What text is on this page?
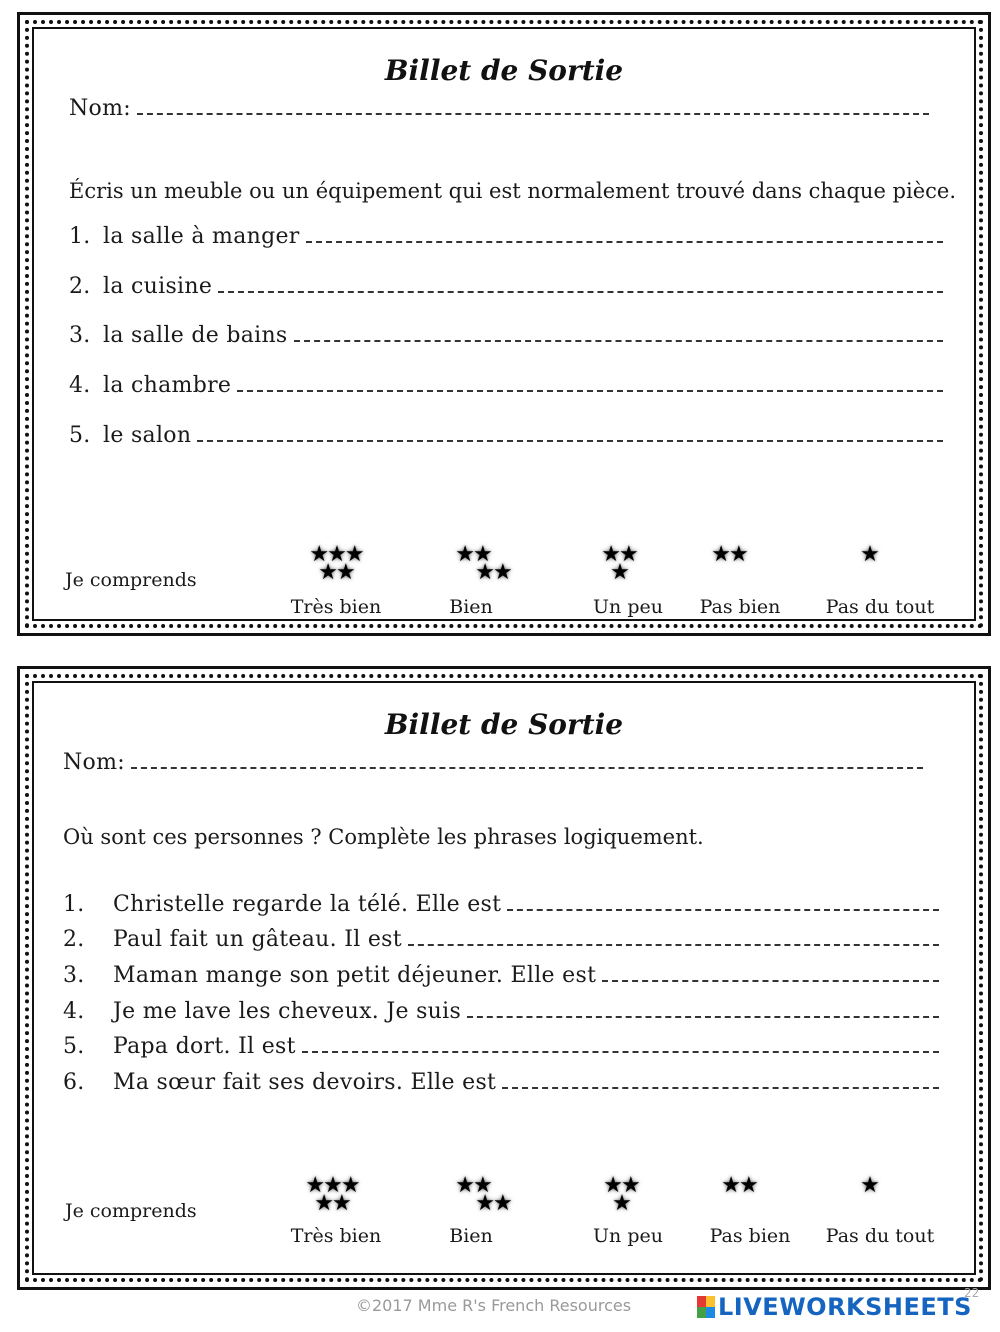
Billet de Sortie
Nom:
Écris un meuble ou un équipement qui est normalement trouvé dans chaque pièce.
1. la salle à manger
2. la cuisine
3. la salle de bains
4. la chambre
5. le salon
Je comprends
★★★
★★
★★
★★
★★
★
★★	★
Très bien	Bien	Un peu	Pas bien	Pas du tout
Billet de Sortie
Nom:
Où sont ces personnes ? Complète les phrases logiquement.
1.	Christelle regarde la télé. Elle est
2.	Paul fait un gâteau. Il est
3.	Maman mange son petit déjeuner. Elle est
4.	Je me lave les cheveux. Je suis
5.	Papa dort. Il est
6.	Ma sœur fait ses devoirs. Elle est
Je comprends
★★★
★★
★★
★★
★★
★
★★	★
Très bien	Bien	Un peu	Pas bien	Pas du tout
©2017 Mme R's French Resources	LIVEWORKSHEETS
22
